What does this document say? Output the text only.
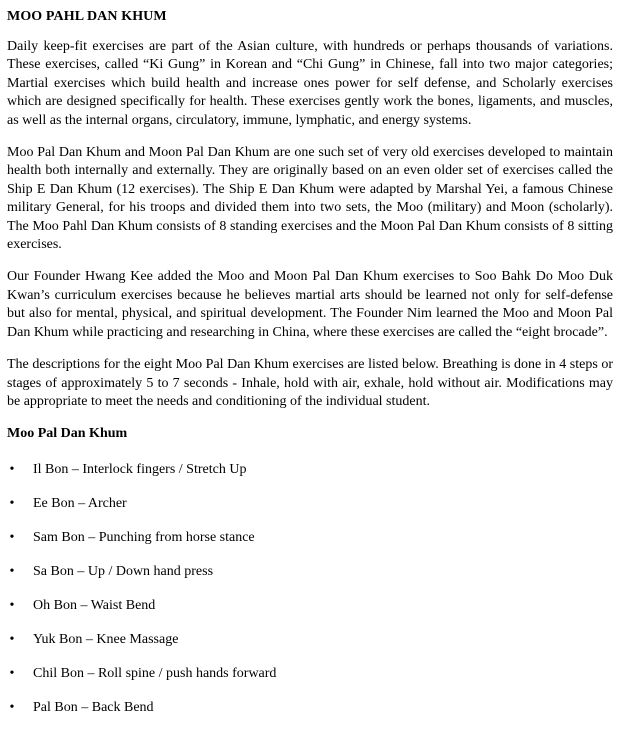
MOO PAHL DAN KHUM

Daily keep-fit exercises are part of the Asian culture, with hundreds or perhaps thousands of variations. These exercises, called “Ki Gung” in Korean and “Chi Gung” in Chinese, fall into two major categories; Martial exercises which build health and increase ones power for self defense, and Scholarly exercises which are designed specifically for health. These exercises gently work the bones, ligaments, and muscles, as well as the internal organs, circulatory, immune, lymphatic, and energy systems.

Moo Pal Dan Khum and Moon Pal Dan Khum are one such set of very old exercises developed to maintain health both internally and externally. They are originally based on an even older set of exercises called the Ship E Dan Khum (12 exercises). The Ship E Dan Khum were adapted by Marshal Yei, a famous Chinese military General, for his troops and divided them into two sets, the Moo (military) and Moon (scholarly). The Moo Pahl Dan Khum consists of 8 standing exercises and the Moon Pal Dan Khum consists of 8 sitting exercises.

Our Founder Hwang Kee added the Moo and Moon Pal Dan Khum exercises to Soo Bahk Do Moo Duk Kwan’s curriculum exercises because he believes martial arts should be learned not only for self-defense but also for mental, physical, and spiritual development. The Founder Nim learned the Moo and Moon Pal Dan Khum while practicing and researching in China, where these exercises are called the “eight brocade”.

The descriptions for the eight Moo Pal Dan Khum exercises are listed below. Breathing is done in 4 steps or stages of approximately 5 to 7 seconds - Inhale, hold with air, exhale, hold without air. Modifications may be appropriate to meet the needs and conditioning of the individual student.

Moo Pal Dan Khum
• Il Bon – Interlock fingers / Stretch Up
• Ee Bon – Archer
• Sam Bon – Punching from horse stance
• Sa Bon – Up / Down hand press
• Oh Bon – Waist Bend
• Yuk Bon – Knee Massage
• Chil Bon – Roll spine / push hands forward
• Pal Bon – Back Bend
